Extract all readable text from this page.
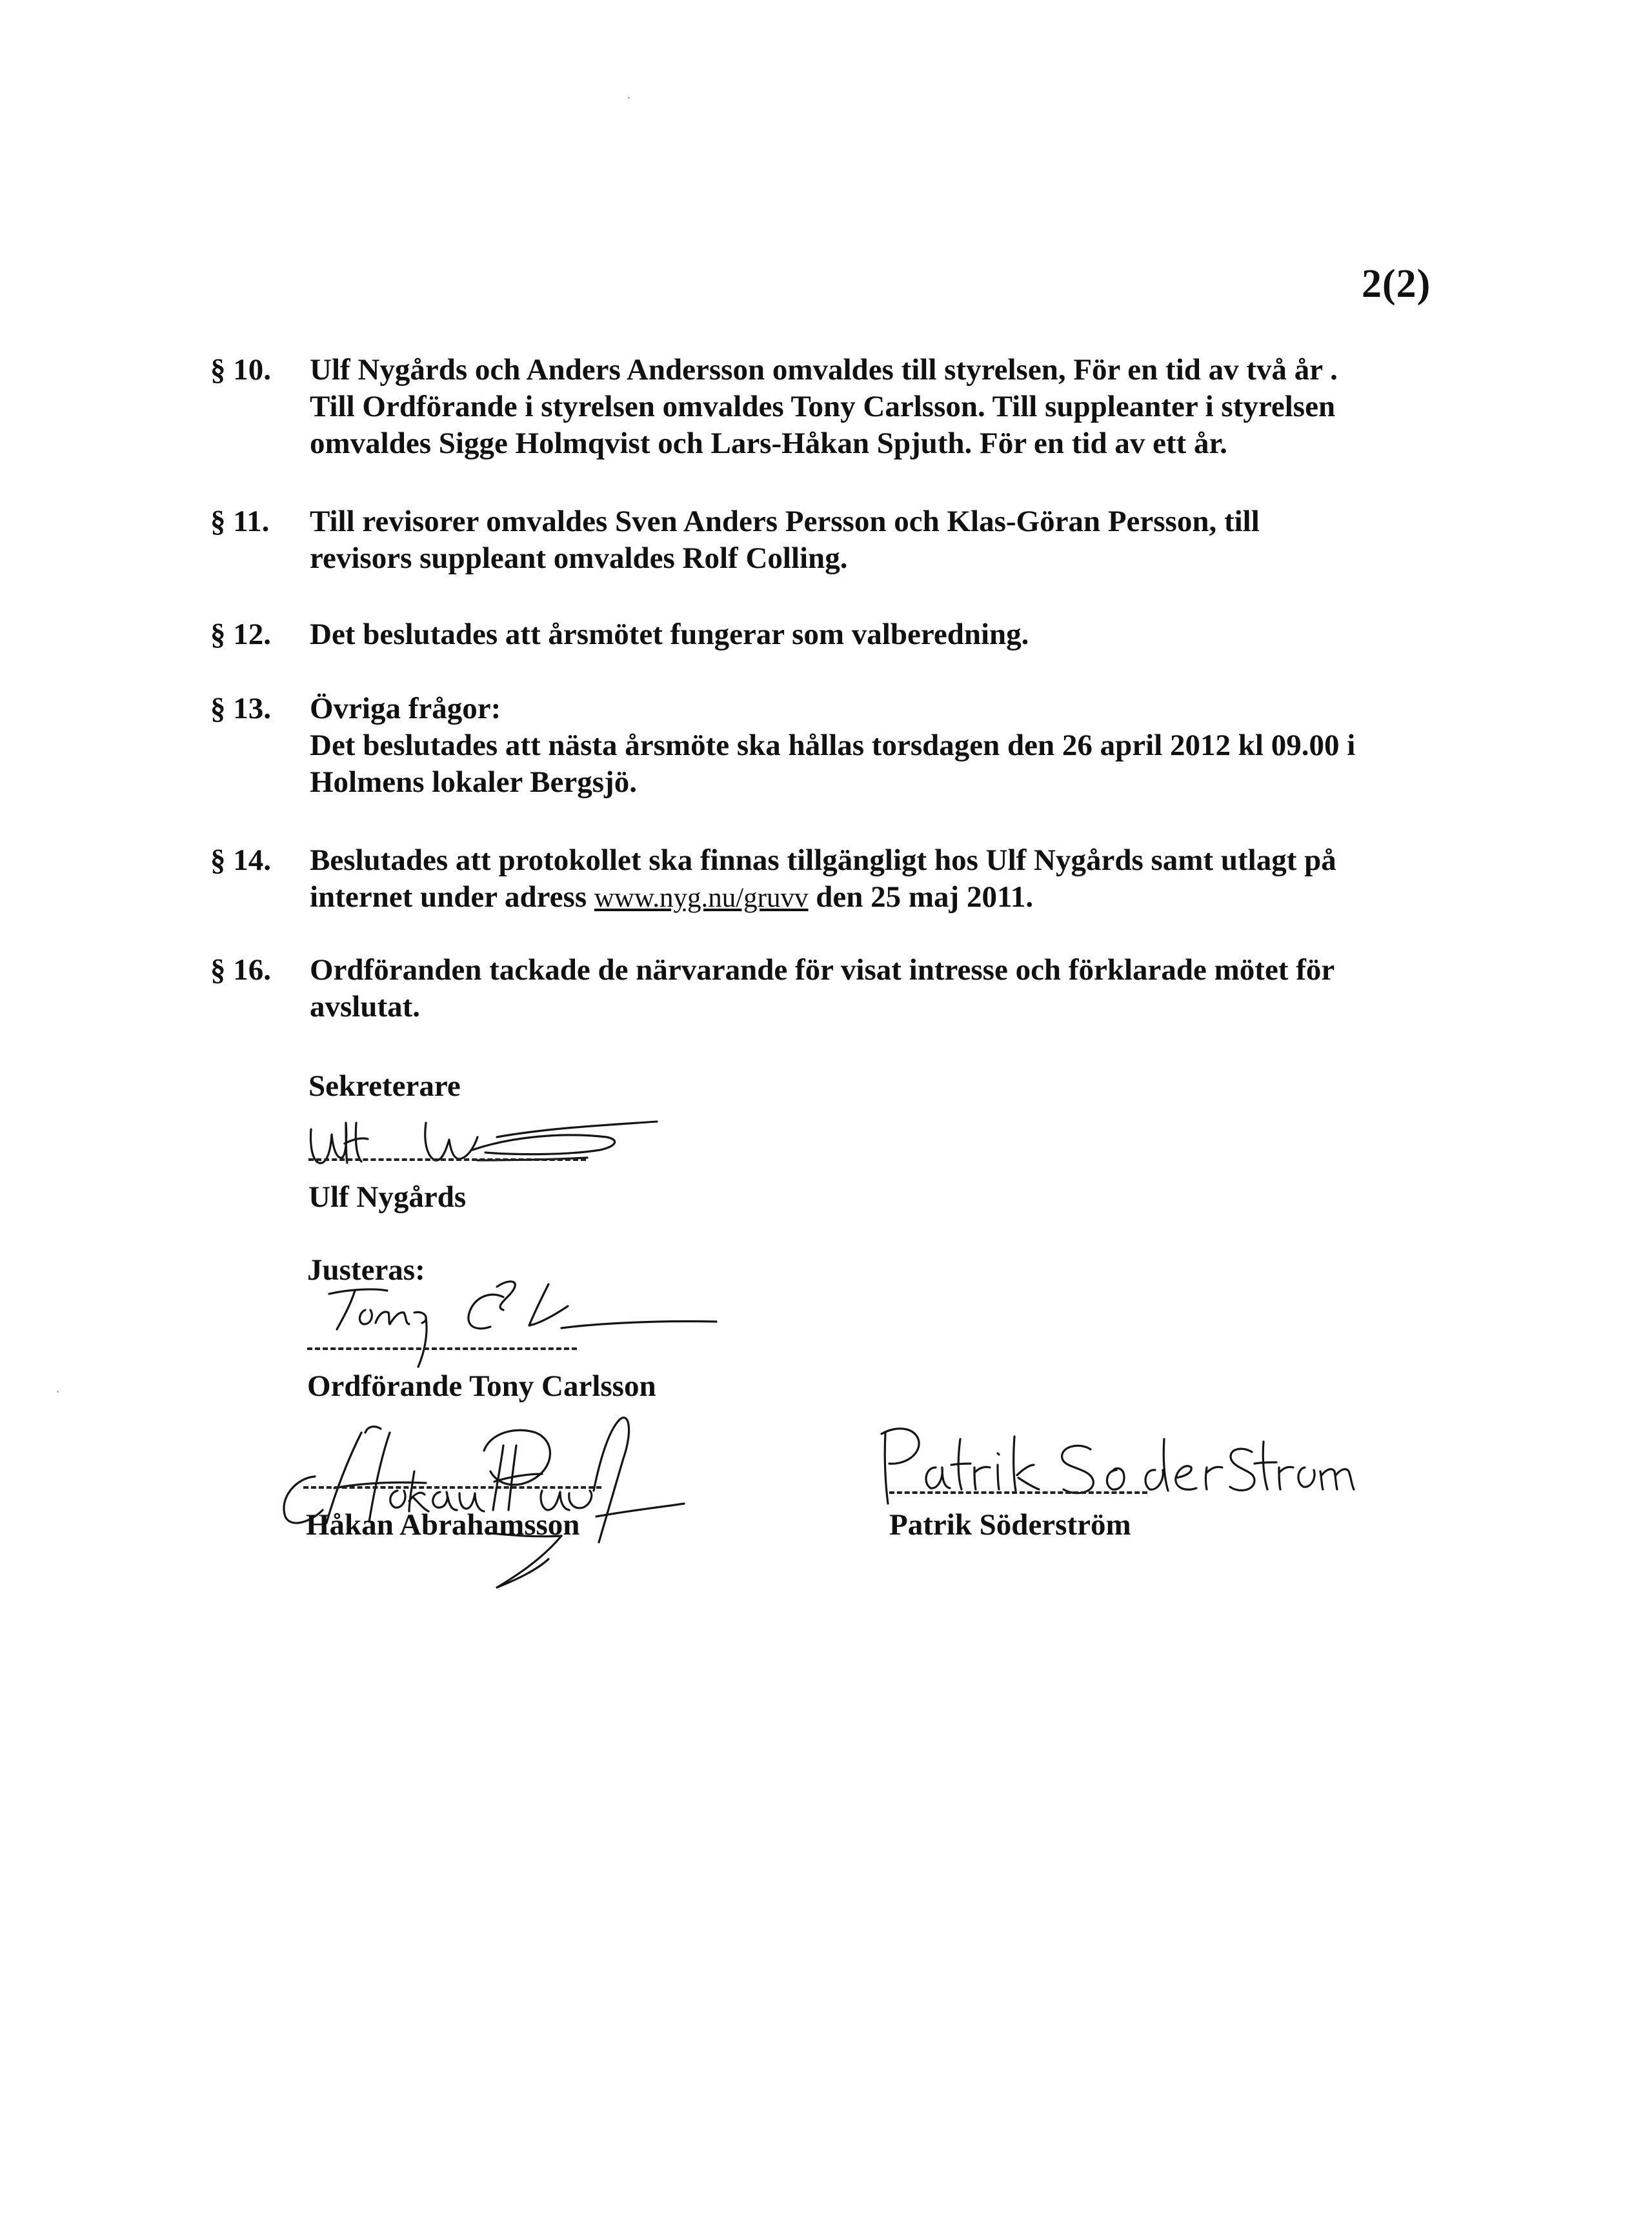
2(2)
§ 10.	Ulf Nygårds och Anders Andersson omvaldes till styrelsen, För en tid av två år .
Till Ordförande i styrelsen omvaldes Tony Carlsson. Till suppleanter i styrelsen
omvaldes Sigge Holmqvist och Lars-Håkan Spjuth. För en tid av ett år.
§ 11.	Till revisorer omvaldes Sven Anders Persson och Klas-Göran Persson, till
revisors suppleant omvaldes Rolf Colling.
§ 12.	Det beslutades att årsmötet fungerar som valberedning.
§ 13.	Övriga frågor:
Det beslutades att nästa årsmöte ska hållas torsdagen den 26 april 2012 kl 09.00 i
Holmens lokaler Bergsjö.
§ 14.	Beslutades att protokollet ska finnas tillgängligt hos Ulf Nygårds samt utlagt på
internet under adress www.nyg.nu/gruvv den 25 maj 2011.
§ 16.	Ordföranden tackade de närvarande för visat intresse och förklarade mötet för
avslutat.
Sekreterare
Ulf Nygårds
Justeras:
Ordförande Tony Carlsson
Håkan Abrahamsson	Patrik Söderström
